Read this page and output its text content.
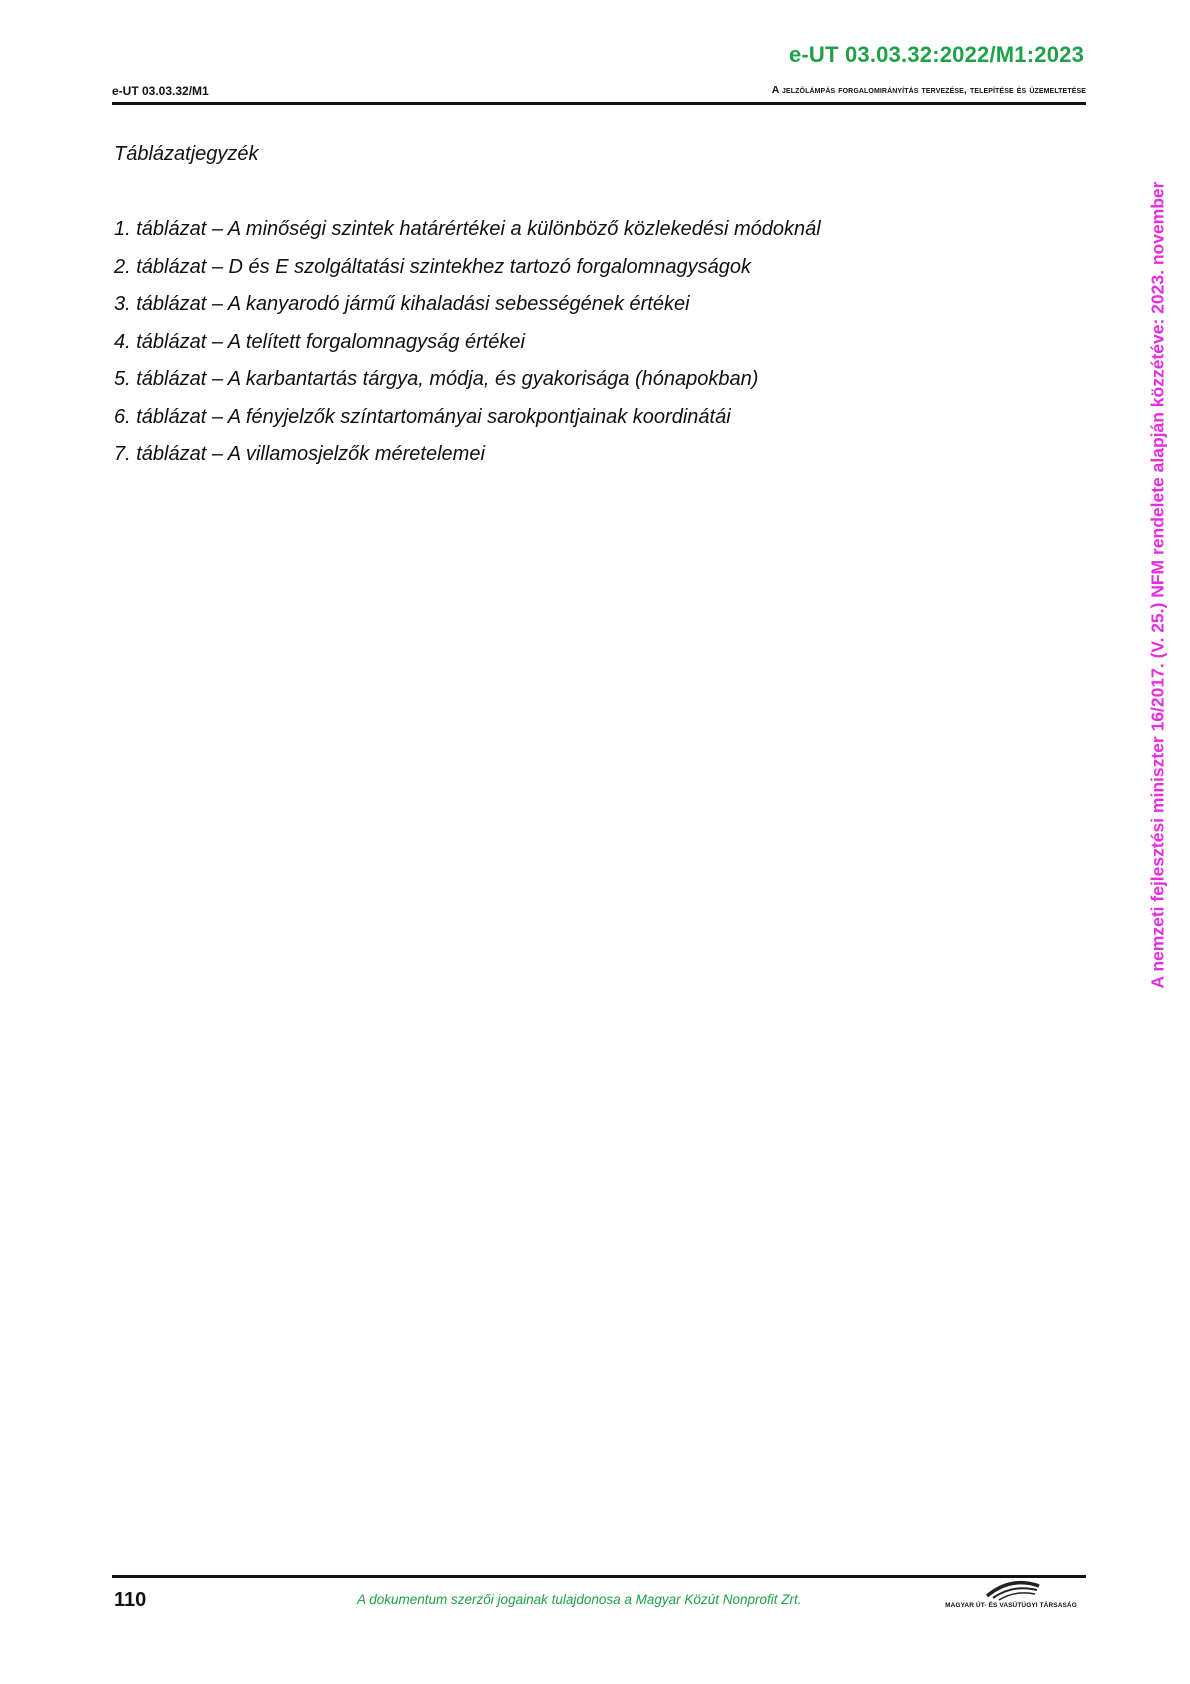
e-UT 03.03.32:2022/M1:2023
e-UT 03.03.32/M1	A jelzőlámpás forgalomirányítás tervezése, telepítése és üzemeltetése
A nemzeti fejlesztési miniszter 16/2017. (V. 25.) NFM rendelete alapján közzétéve: 2023. november
Táblázatjegyzék
1. táblázat – A minőségi szintek határértékei a különböző közlekedési módoknál
2. táblázat – D és E szolgáltatási szintekhez tartozó forgalomnagyságok
3. táblázat – A kanyarodó jármű kihaladási sebességének értékei
4. táblázat – A telített forgalomnagyság értékei
5. táblázat – A karbantartás tárgya, módja, és gyakorisága (hónapokban)
6. táblázat – A fényjelzők színtartományai sarokpontjainak koordinátái
7. táblázat – A villamosjelzők méretelemei
110	A dokumentum szerzői jogainak tulajdonosa a Magyar Közút Nonprofit Zrt.	MAGYAR ÚT- ÉS VASÚTÜGYI TÁRSASÁG
